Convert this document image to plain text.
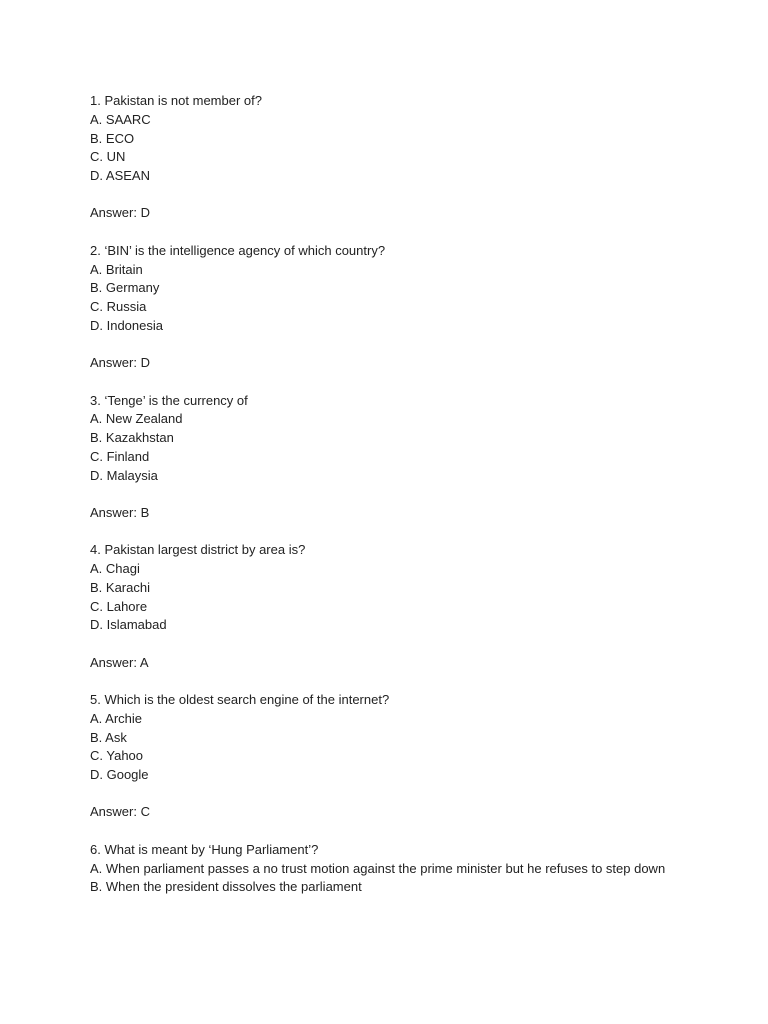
1. Pakistan is not member of?
A. SAARC
B. ECO
C. UN
D. ASEAN
Answer: D
2. ‘BIN’ is the intelligence agency of which country?
A. Britain
B. Germany
C. Russia
D. Indonesia
Answer: D
3. ‘Tenge’ is the currency of
A. New Zealand
B. Kazakhstan
C. Finland
D. Malaysia
Answer: B
4. Pakistan largest district by area is?
A. Chagi
B. Karachi
C. Lahore
D. Islamabad
Answer: A
5. Which is the oldest search engine of the internet?
A. Archie
B. Ask
C. Yahoo
D. Google
Answer: C
6. What is meant by ‘Hung Parliament’?
A. When parliament passes a no trust motion against the prime minister but he refuses to step down
B. When the president dissolves the parliament
